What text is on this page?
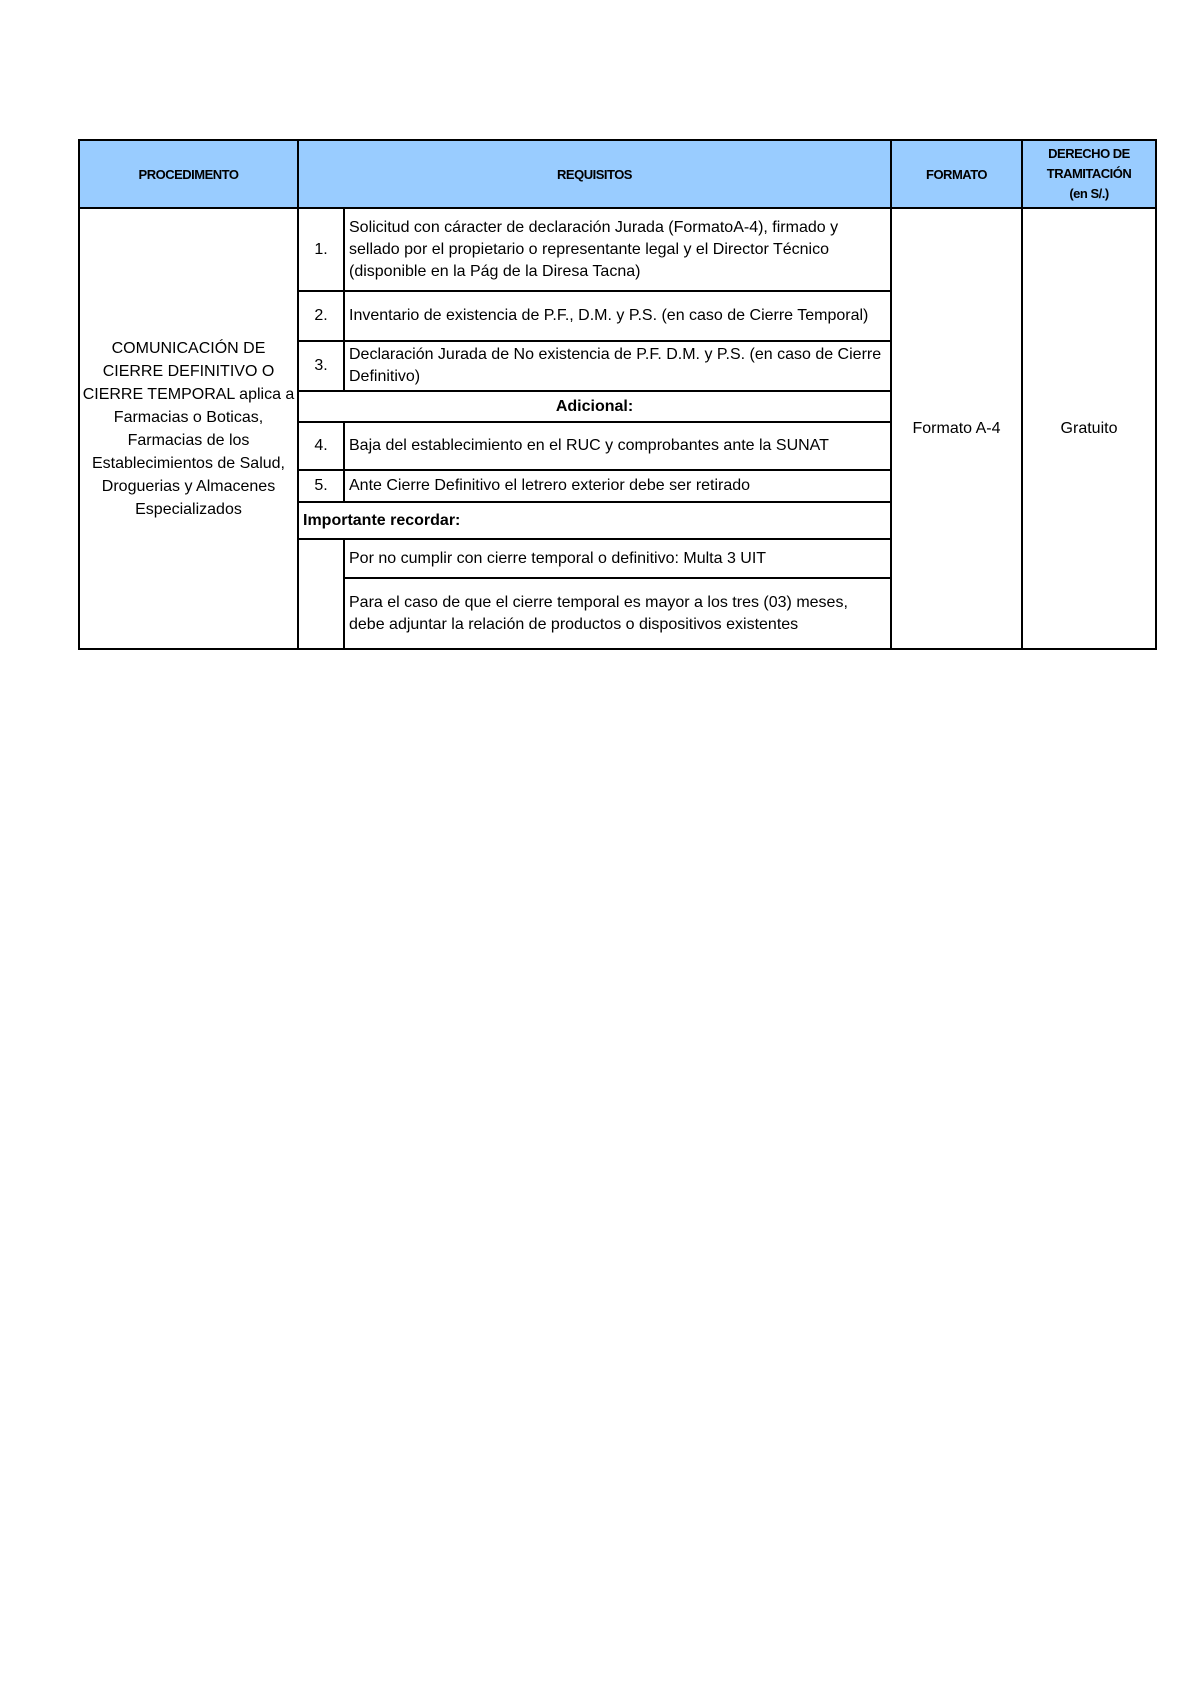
PROCEDIMENTO	REQUISITOS		FORMATO	DERECHO DE
TRAMITACIÓN
(en S/.)

COMUNICACIÓN DE CIERRE DEFINITIVO O CIERRE TEMPORAL aplica a Farmacias o Boticas, Farmacias de los Establecimientos de Salud, Droguerias y Almacenes Especializados	1.	Solicitud con cáracter de declaración Jurada (FormatoA-4), firmado y sellado por el propietario o representante legal y el Director Técnico (disponible en la Pág de la Diresa Tacna)	Formato A-4	Gratuito
	2.	Inventario de existencia de P.F., D.M. y P.S. (en caso de Cierre Temporal)		
	3.	Declaración Jurada de No existencia de P.F. D.M. y P.S. (en caso de Cierre Definitivo)		
	Adicional:			
	4.	Baja del establecimiento en el RUC y comprobantes ante la SUNAT		
	5.	Ante Cierre Definitivo el letrero exterior debe ser retirado		
	Importante recordar:			
		Por no cumplir con cierre temporal o definitivo: Multa 3 UIT		
		Para el caso de que el cierre temporal es mayor a los tres (03) meses, debe adjuntar la relación de productos o dispositivos existentes		
